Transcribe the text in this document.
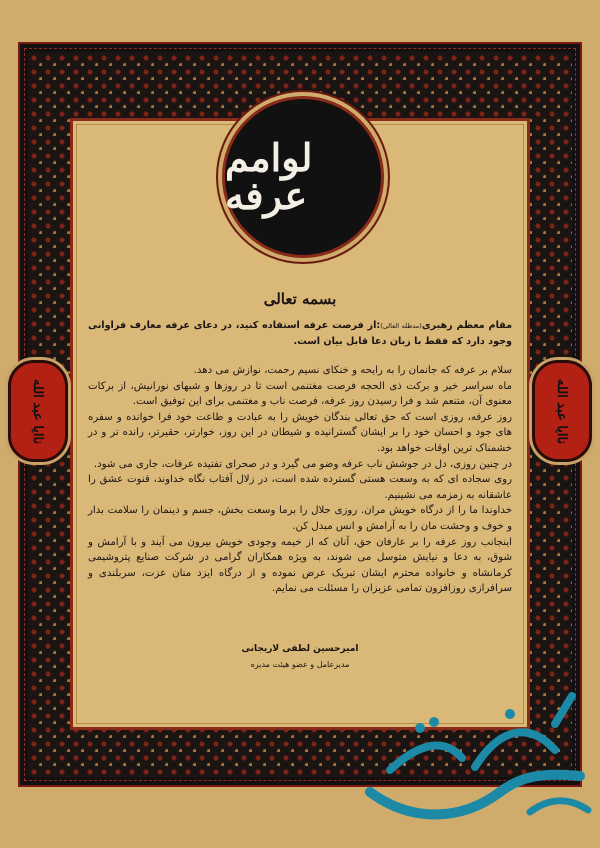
لوامم عرفه
ناایا عبد الله	ناایا عبد الله
بسمه تعالی

مقام معظم رهبری(مدظله العالی):از فرصت عرفه استفاده کنید، در دعای عرفه معارف فراوانی وجود دارد که فقط با زبان دعا قابل بیان است.

سلام بر عرفه که جانمان را به رایحه و خنکای نسیم رحمت، نوازش می دهد.

ماه سراسر خیر و برکت ذی الحجه فرصت مغتنمی است تا در روزها و شبهای نورانیش، از برکات معنوی آن، متنعم شد و فرا رسیدن روز عرفه، فرصت ناب و مغتنمی برای این توفیق است.

روز عرفه، روزی است که حق تعالی بندگان خویش را به عبادت و طاعت خود فرا خوانده و سفره های جود و احسان خود را بر ایشان گسترانیده و شیطان در این روز، خوارتر، حقیرتر، رانده تر و در خشمناک ترین اوقات خواهد بود.

در چنین روزی، دل در جوشش ناب عرفه وضو می گیرد و در صحرای تفتیده عرفات، جاری می شود.

روی سجاده ای که به وسعت هستی گسترده شده است، در زلال آفتاب نگاه خداوند، قنوت عشق را عاشقانه به زمزمه می نشینیم.

خداوندا ما را از درگاه خویش مران. روزی حلال را برما وسعت بخش، جسم و دینمان را سلامت بدار و خوف و وحشت مان را به آرامش و انس مبدل کن.

اینجانب روز عرفه را بر عارفان حق، آنان که از خیمه وجودی خویش بیرون می آیند و با آرامش و شوق، به دعا و نیایش متوسل می شوند، به ویژه همکاران گرامی در شرکت صنایع پتروشیمی کرمانشاه و خانواده محترم ایشان تبریک عرض نموده و از درگاه ایزد منان عزت، سربلندی و سرافرازی روزافزون تمامی عزیزان را مسئلت می نمایم.

امیرحسین لطفی لاریجانی
مدیرعامل و عضو هیئت مدیره
